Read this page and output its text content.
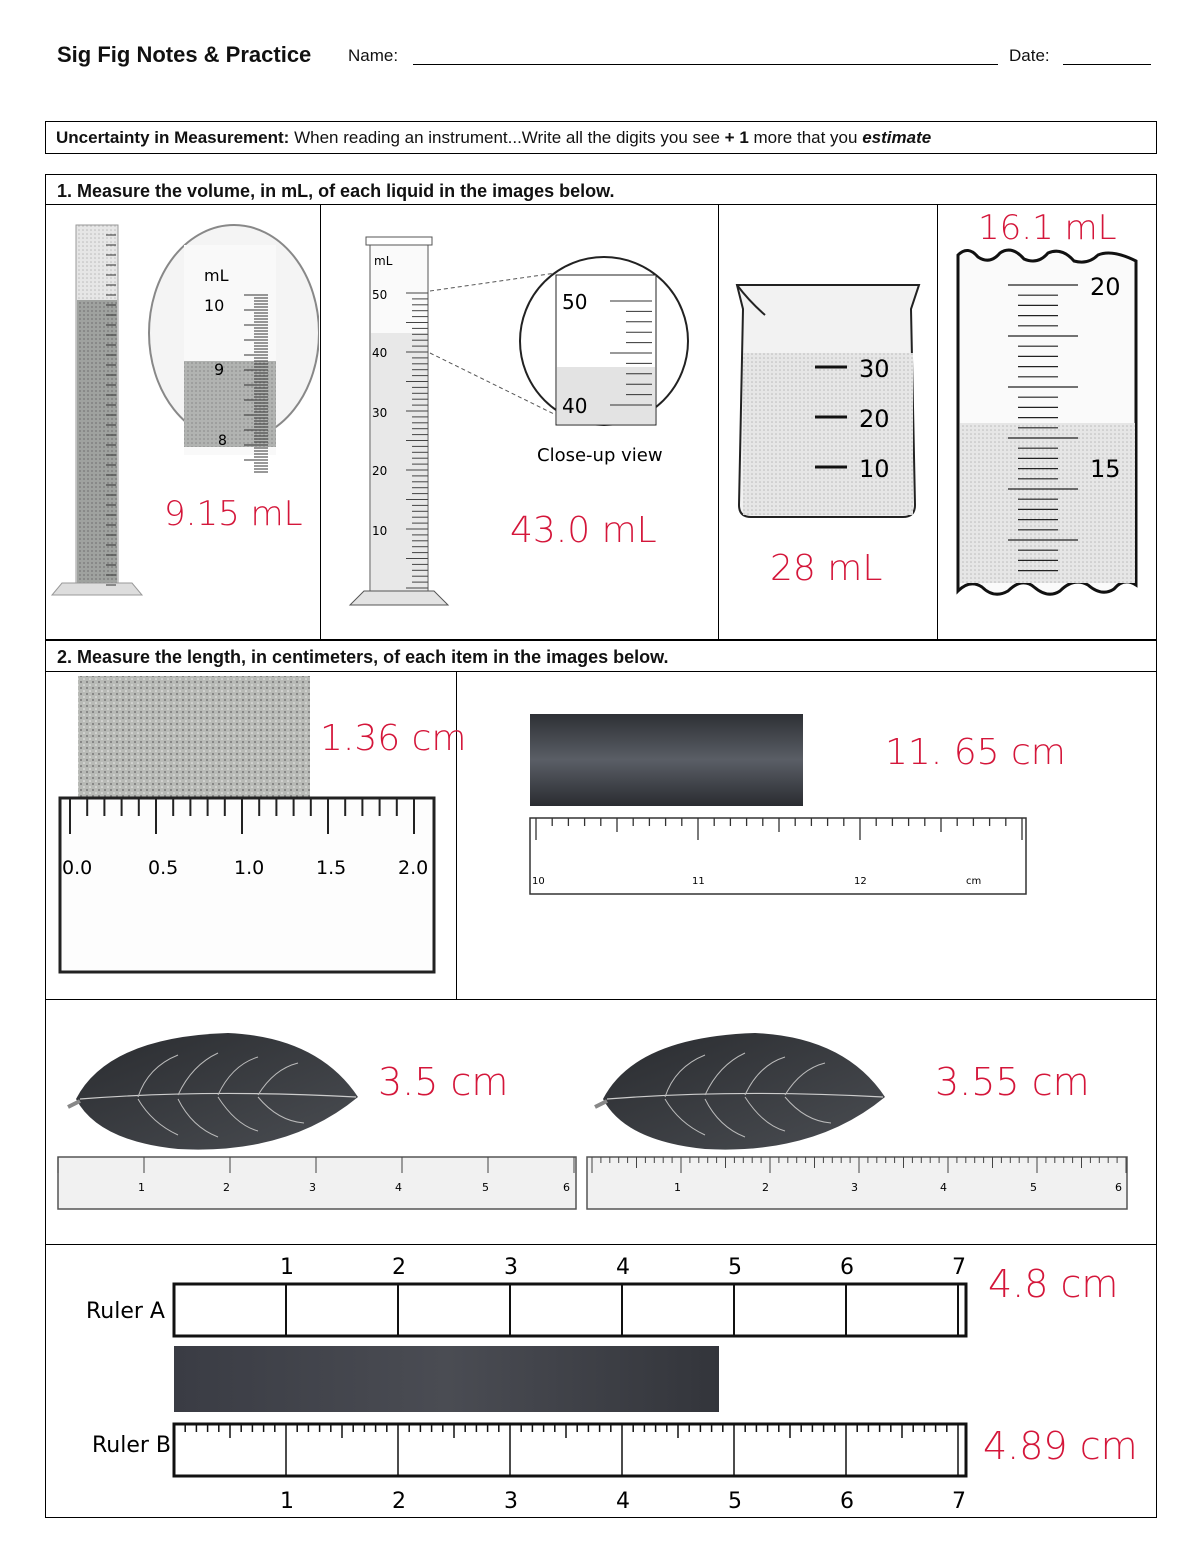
Sig Fig Notes & Practice Name:	Date:
Uncertainty in Measurement: When reading an instrument...Write all the digits you see + 1 more that you estimate
1. Measure the volume, in mL, of each liquid in the images below.
mL
10
9
8
9.15 mL
mL
50
40
30
20
10
50
40
Close-up view
43.0 mL
30
20
10
28 mL
20
15
16.1 mL
2. Measure the length, in centimeters, of each item in the images below.
0.0	0.5	1.0	1.5	2.0
1.36 cm
10	11	12	cm
11. 65 cm
1	2	3	4	5	6	1	2	3	4	5	6
3.5 cm	3.55 cm
Ruler A
Ruler B
1	2	3	4	5	6	7
1	2	3	4	5	6	7
4.8 cm
4.89 cm
